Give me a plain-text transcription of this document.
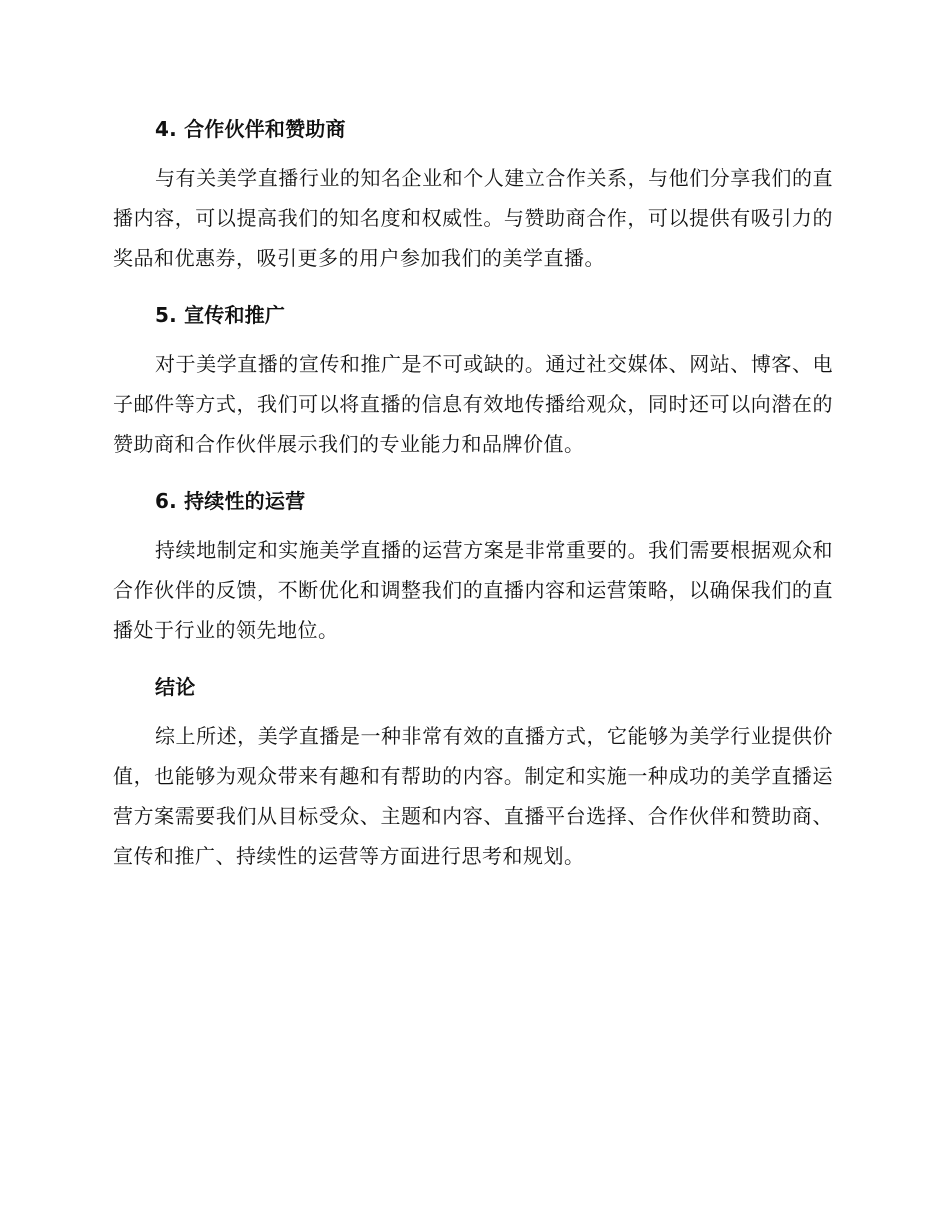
4. 合作伙伴和赞助商

与有关美学直播行业的知名企业和个人建立合作关系，与他们分享我们的直播内容，可以提高我们的知名度和权威性。与赞助商合作，可以提供有吸引力的奖品和优惠券，吸引更多的用户参加我们的美学直播。

5. 宣传和推广

对于美学直播的宣传和推广是不可或缺的。通过社交媒体、网站、博客、电子邮件等方式，我们可以将直播的信息有效地传播给观众，同时还可以向潜在的赞助商和合作伙伴展示我们的专业能力和品牌价值。

6. 持续性的运营

持续地制定和实施美学直播的运营方案是非常重要的。我们需要根据观众和合作伙伴的反馈，不断优化和调整我们的直播内容和运营策略，以确保我们的直播处于行业的领先地位。

结论

综上所述，美学直播是一种非常有效的直播方式，它能够为美学行业提供价值，也能够为观众带来有趣和有帮助的内容。制定和实施一种成功的美学直播运营方案需要我们从目标受众、主题和内容、直播平台选择、合作伙伴和赞助商、宣传和推广、持续性的运营等方面进行思考和规划。
